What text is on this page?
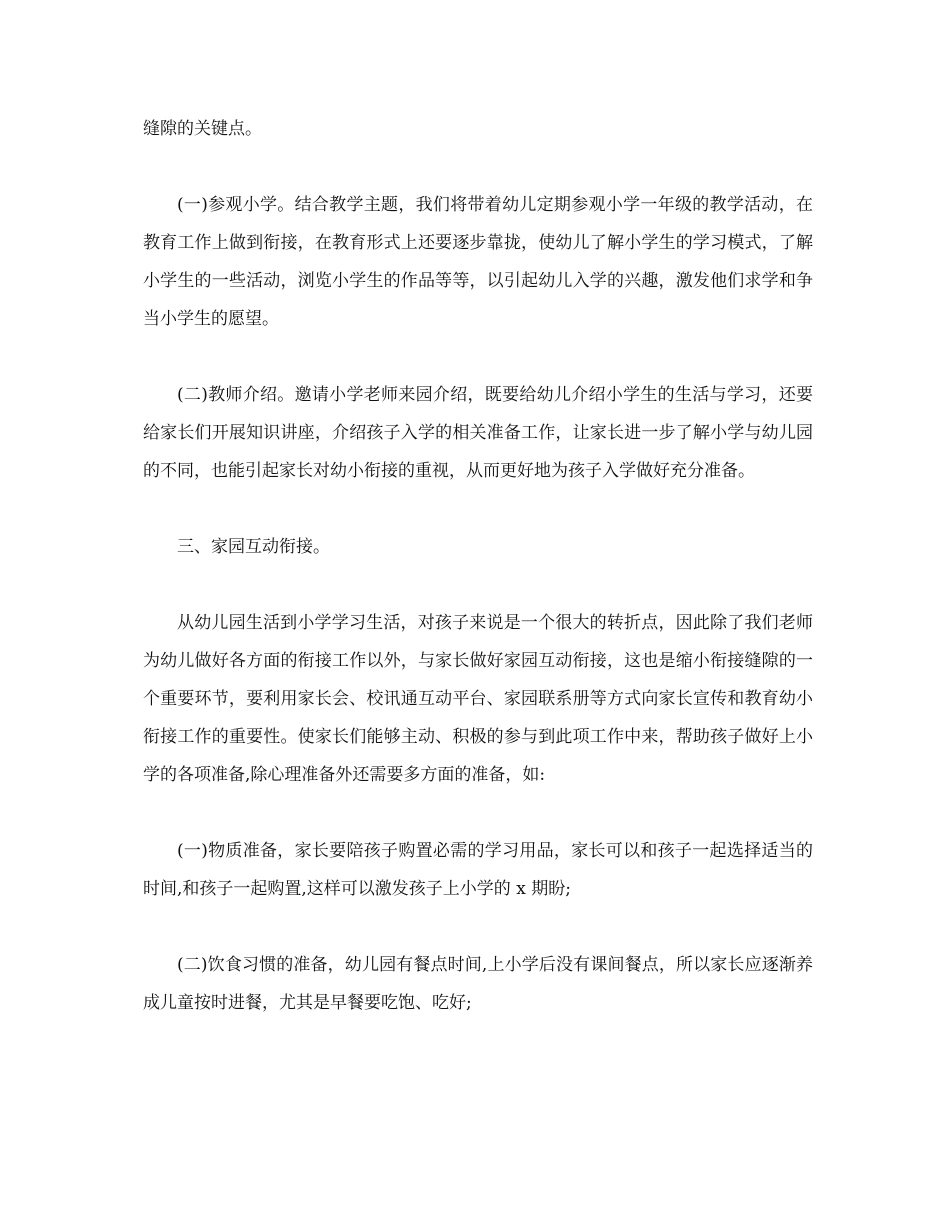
缝隙的关键点。

(一)参观小学。结合教学主题，我们将带着幼儿定期参观小学一年级的教学活动，在教育工作上做到衔接，在教育形式上还要逐步靠拢，使幼儿了解小学生的学习模式，了解小学生的一些活动，浏览小学生的作品等等，以引起幼儿入学的兴趣，激发他们求学和争当小学生的愿望。

(二)教师介绍。邀请小学老师来园介绍，既要给幼儿介绍小学生的生活与学习，还要给家长们开展知识讲座，介绍孩子入学的相关准备工作，让家长进一步了解小学与幼儿园的不同，也能引起家长对幼小衔接的重视，从而更好地为孩子入学做好充分准备。

三、家园互动衔接。

从幼儿园生活到小学学习生活，对孩子来说是一个很大的转折点，因此除了我们老师为幼儿做好各方面的衔接工作以外，与家长做好家园互动衔接，这也是缩小衔接缝隙的一个重要环节，要利用家长会、校讯通互动平台、家园联系册等方式向家长宣传和教育幼小衔接工作的重要性。使家长们能够主动、积极的参与到此项工作中来，帮助孩子做好上小学的各项准备,除心理准备外还需要多方面的准备，如:

(一)物质准备，家长要陪孩子购置必需的学习用品，家长可以和孩子一起选择适当的时间,和孩子一起购置,这样可以激发孩子上小学的 x 期盼;

(二)饮食习惯的准备，幼儿园有餐点时间,上小学后没有课间餐点，所以家长应逐渐养成儿童按时进餐，尤其是早餐要吃饱、吃好;
